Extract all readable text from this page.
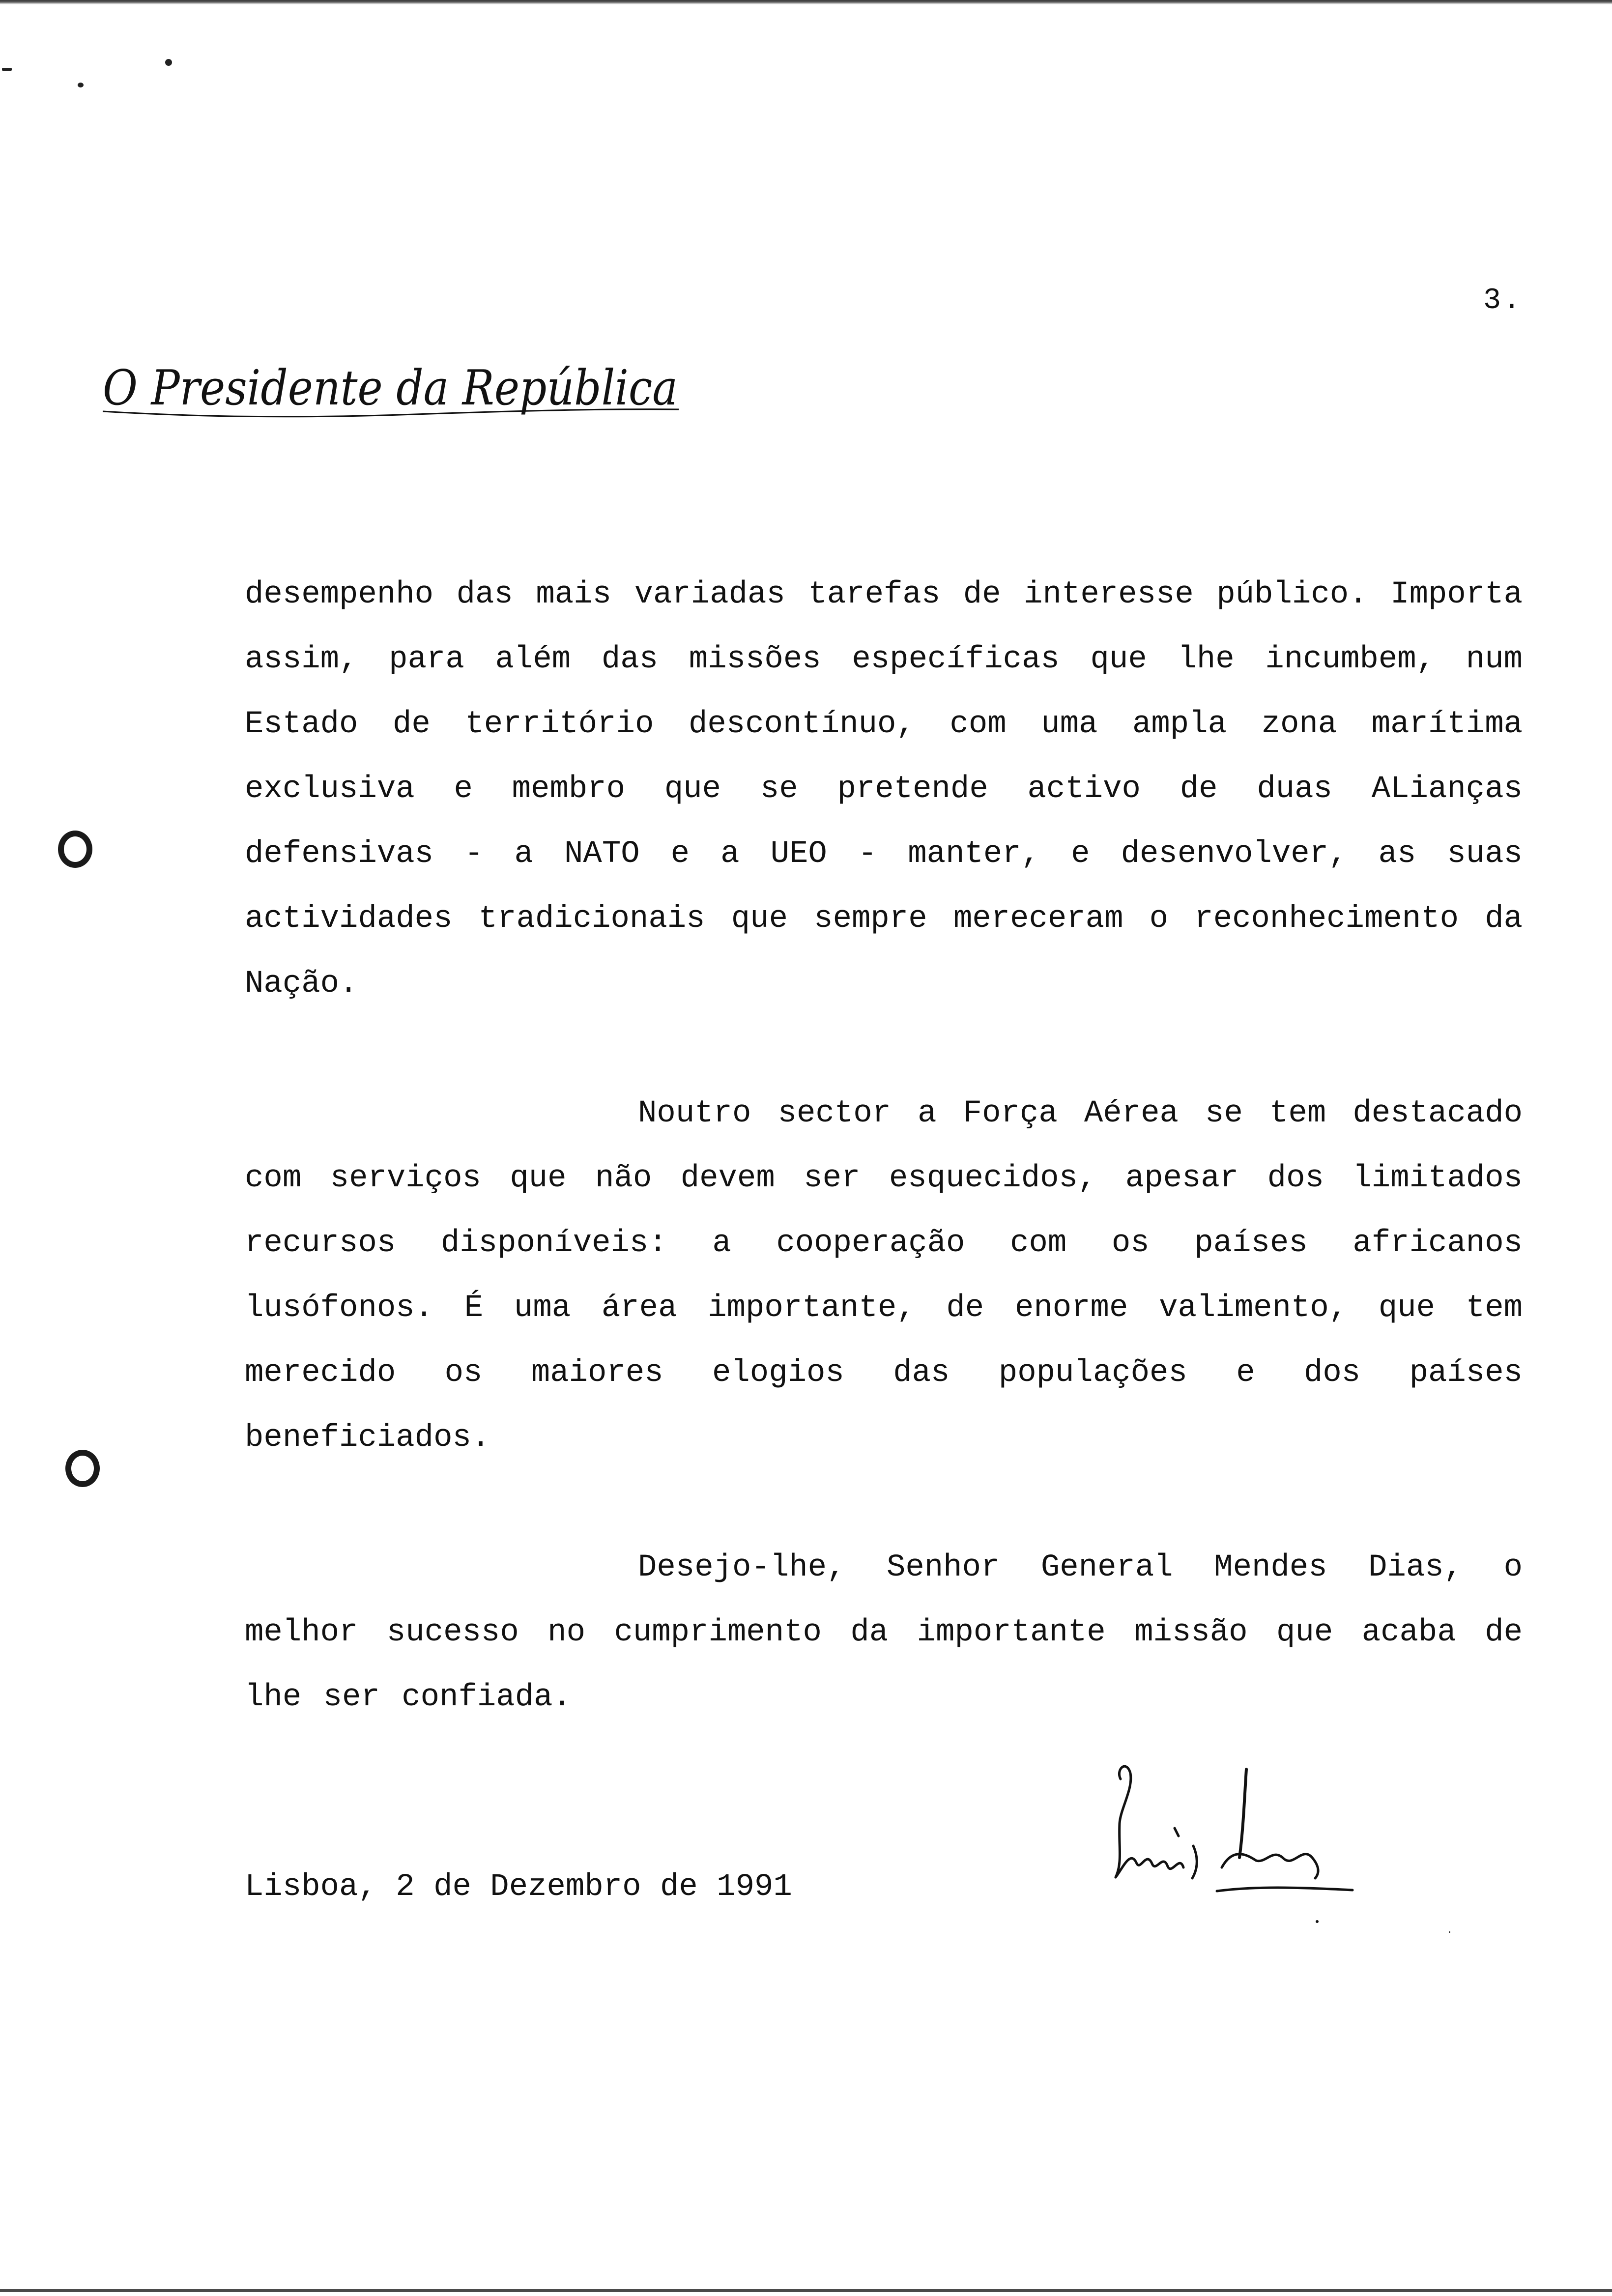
3.
O Presidente da República

desempenho das mais variadas tarefas de interesse público. Importa assim, para além das missões específicas que lhe incumbem, num Estado de território descontínuo, com uma ampla zona marítima exclusiva e membro que se pretende activo de duas ALianças defensivas - a NATO e a UEO - manter, e desenvolver, as suas actividades tradicionais que sempre mereceram o reconhecimento da Nação.

Noutro sector a Força Aérea se tem destacado com serviços que não devem ser esquecidos, apesar dos limitados recursos disponíveis: a cooperação com os países africanos lusófonos. É uma área importante, de enorme valimento, que tem merecido os maiores elogios das populações e dos países beneficiados.

Desejo-lhe, Senhor General Mendes Dias, o melhor sucesso no cumprimento da importante missão que acaba de lhe ser confiada.

Lisboa, 2 de Dezembro de 1991
